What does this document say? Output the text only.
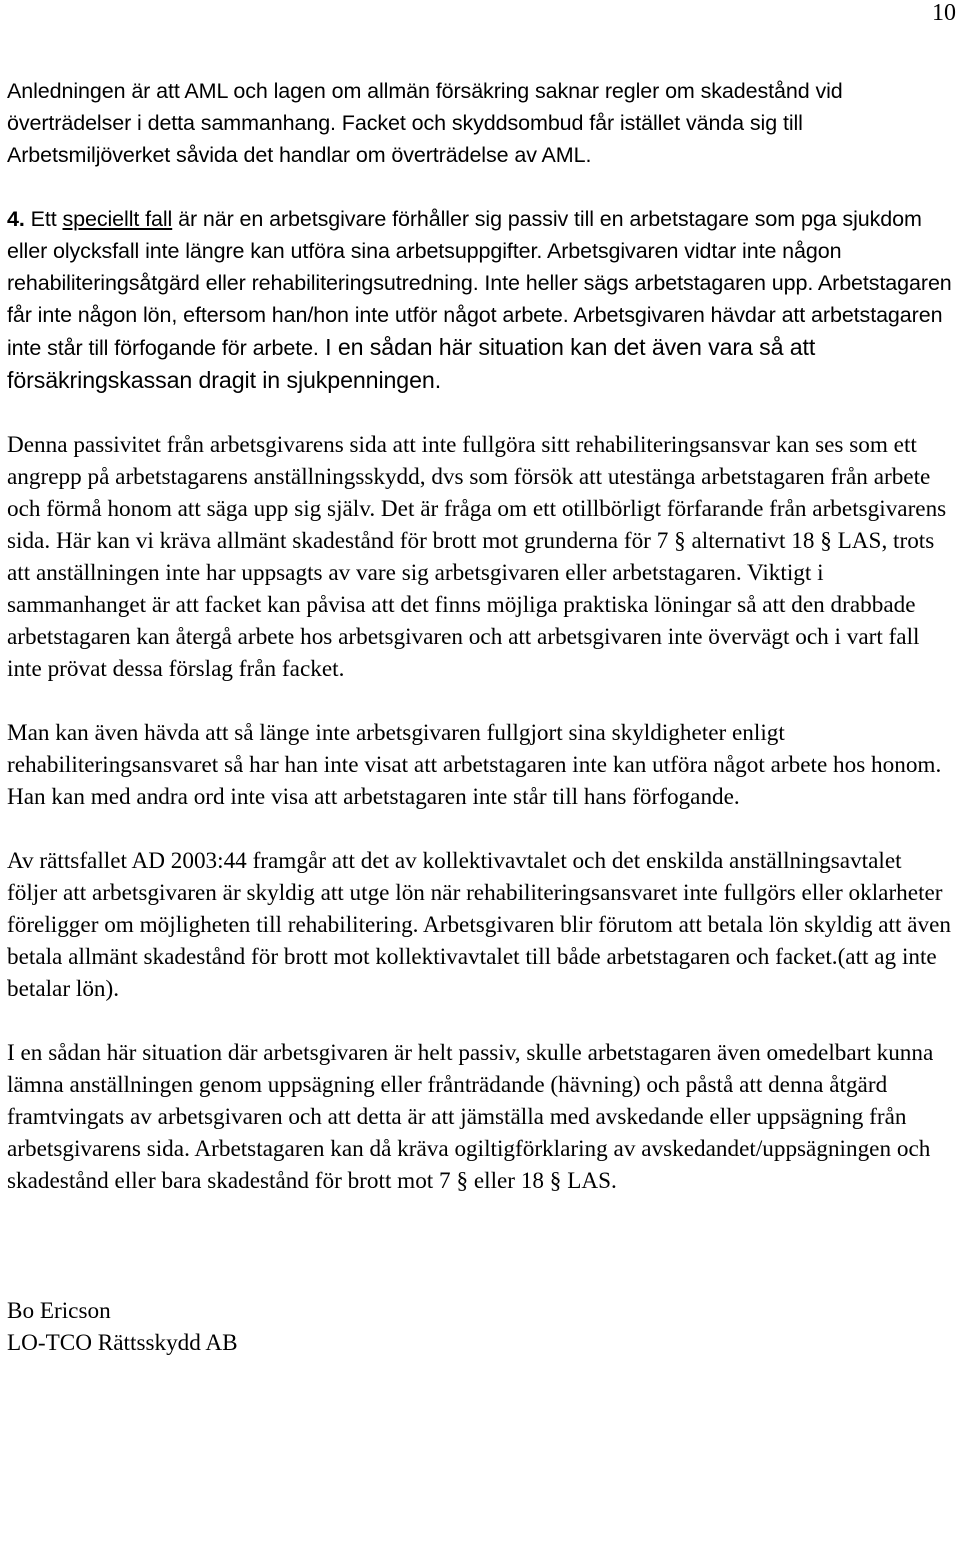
10

Anledningen är att AML och lagen om allmän försäkring saknar regler om skadestånd vid överträdelser i detta sammanhang. Facket och skyddsombud får istället vända sig till Arbetsmiljöverket såvida det handlar om överträdelse av AML.

4. Ett speciellt fall är när en arbetsgivare förhåller sig passiv till en arbetstagare som pga sjukdom eller olycksfall inte längre kan utföra sina arbetsuppgifter. Arbetsgivaren vidtar inte någon rehabiliteringsåtgärd eller rehabiliteringsutredning. Inte heller sägs arbetstagaren upp. Arbetstagaren får inte någon lön, eftersom han/hon inte utför något arbete. Arbetsgivaren hävdar att arbetstagaren inte står till förfogande för arbete. I en sådan här situation kan det även vara så att försäkringskassan dragit in sjukpenningen.

Denna passivitet från arbetsgivarens sida att inte fullgöra sitt rehabiliteringsansvar kan ses som ett angrepp på arbetstagarens anställningsskydd, dvs som försök att utestänga arbetstagaren från arbete och förmå honom att säga upp sig själv. Det är fråga om ett otillbörligt förfarande från arbetsgivarens sida. Här kan vi kräva allmänt skadestånd för brott mot grunderna för 7 § alternativt 18 § LAS, trots att anställningen inte har uppsagts av vare sig arbetsgivaren eller arbetstagaren. Viktigt i sammanhanget är att facket kan påvisa att det finns möjliga praktiska löningar så att den drabbade arbetstagaren kan återgå arbete hos arbetsgivaren och att arbetsgivaren inte övervägt och i vart fall inte prövat dessa förslag från facket.

Man kan även hävda att så länge inte arbetsgivaren fullgjort sina skyldigheter enligt rehabiliteringsansvaret så har han inte visat att arbetstagaren inte kan utföra något arbete hos honom. Han kan med andra ord inte visa att arbetstagaren inte står till hans förfogande.

Av rättsfallet AD 2003:44 framgår att det av kollektivavtalet och det enskilda anställningsavtalet följer att arbetsgivaren är skyldig att utge lön när rehabiliteringsansvaret inte fullgörs eller oklarheter föreligger om möjligheten till rehabilitering. Arbetsgivaren blir förutom att betala lön skyldig att även betala allmänt skadestånd för brott mot kollektivavtalet till både arbetstagaren och facket.(att ag inte betalar lön).

I en sådan här situation där arbetsgivaren är helt passiv, skulle arbetstagaren även omedelbart kunna lämna anställningen genom uppsägning eller frånträdande (hävning) och påstå att denna åtgärd framtvingats av arbetsgivaren och att detta är att jämställa med avskedande eller uppsägning från arbetsgivarens sida. Arbetstagaren kan då kräva ogiltigförklaring av avskedandet/uppsägningen och skadestånd eller bara skadestånd för brott mot 7 § eller 18 § LAS.

Bo Ericson

LO-TCO Rättsskydd AB
